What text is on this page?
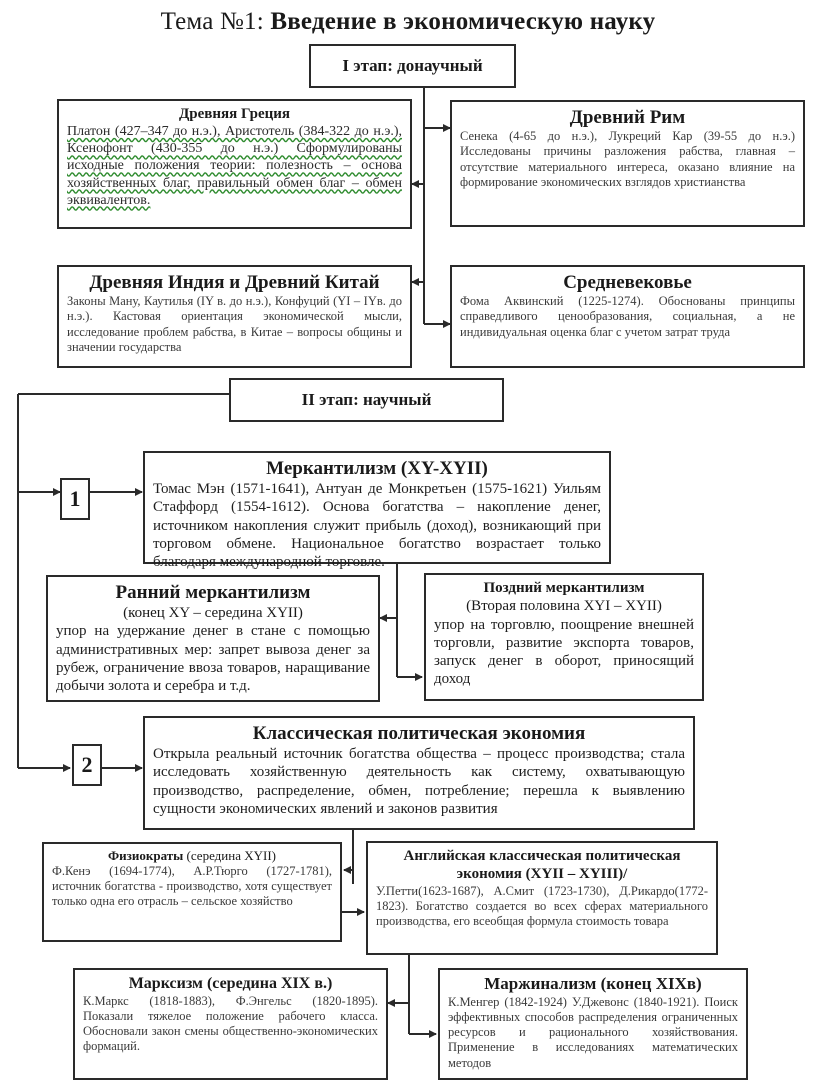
Тема №1: Введение в экономическую науку
I этап: донаучный
Древняя Греция
Платон (427–347 до н.э.), Аристотель (384-322 до н.э.), Ксенофонт (430-355 до н.э.) Сформулированы исходные положения теории: полезность – основа хозяйственных благ, правильный обмен благ – обмен эквивалентов.
Древний Рим
Сенека (4-65 до н.э.), Лукреций Кар (39-55 до н.э.) Исследованы причины разложения рабства, главная – отсутствие материального интереса, оказано влияние на формирование экономических взглядов христианства
Древняя Индия и Древний Китай
Законы Ману, Каутилья (IY в. до н.э.), Конфуций (YI – IYв. до н.э.). Кастовая ориентация экономической мысли, исследование проблем рабства, в Китае – вопросы общины и значении государства
Средневековье
Фома Аквинский (1225-1274). Обоснованы принципы справедливого ценообразования, социальная, а не индивидуальная оценка благ с учетом затрат труда
II этап: научный
1
2
Меркантилизм (XY-XYII)
Томас Мэн (1571-1641), Антуан де Монкретьен (1575-1621) Уильям Стаффорд (1554-1612). Основа богатства – накопление денег, источником накопления служит прибыль (доход), возникающий при торговом обмене. Национальное богатство возрастает только благодаря международной торговле.
Ранний меркантилизм
(конец XY – середина XYII)
упор на удержание денег в стане с помощью административных мер: запрет вывоза денег за рубеж, ограничение ввоза товаров, наращивание добычи золота и серебра и т.д.
Поздний меркантилизм
(Вторая половина XYI – XYII)
упор на торговлю, поощрение внешней торговли, развитие экспорта товаров, запуск денег в оборот, приносящий доход
Классическая политическая экономия
Открыла реальный источник богатства общества – процесс производства; стала исследовать хозяйственную деятельность как систему, охватывающую производство, распределение, обмен, потребление; перешла к выявлению сущности экономических явлений и законов развития
Физиократы (середина XYII)
Ф.Кенэ (1694-1774), А.Р.Тюрго (1727-1781), источник богатства - производство, хотя существует только одна его отрасль – сельское хозяйство
Английская классическая политическая экономия (XYII – XYIII)/
У.Петти(1623-1687), А.Смит (1723-1730), Д.Рикардо(1772-1823). Богатство создается во всех сферах материального производства, его всеобщая формула стоимость товара
Марксизм (середина XIX в.)
К.Маркс (1818-1883), Ф.Энгельс (1820-1895). Показали тяжелое положение рабочего класса. Обосновали закон смены общественно-экономических формаций.
Маржинализм (конец XIXв)
К.Менгер (1842-1924) У.Джевонс (1840-1921). Поиск эффективных способов распределения ограниченных ресурсов и рационального хозяйствования. Применение в исследованиях математических методов
